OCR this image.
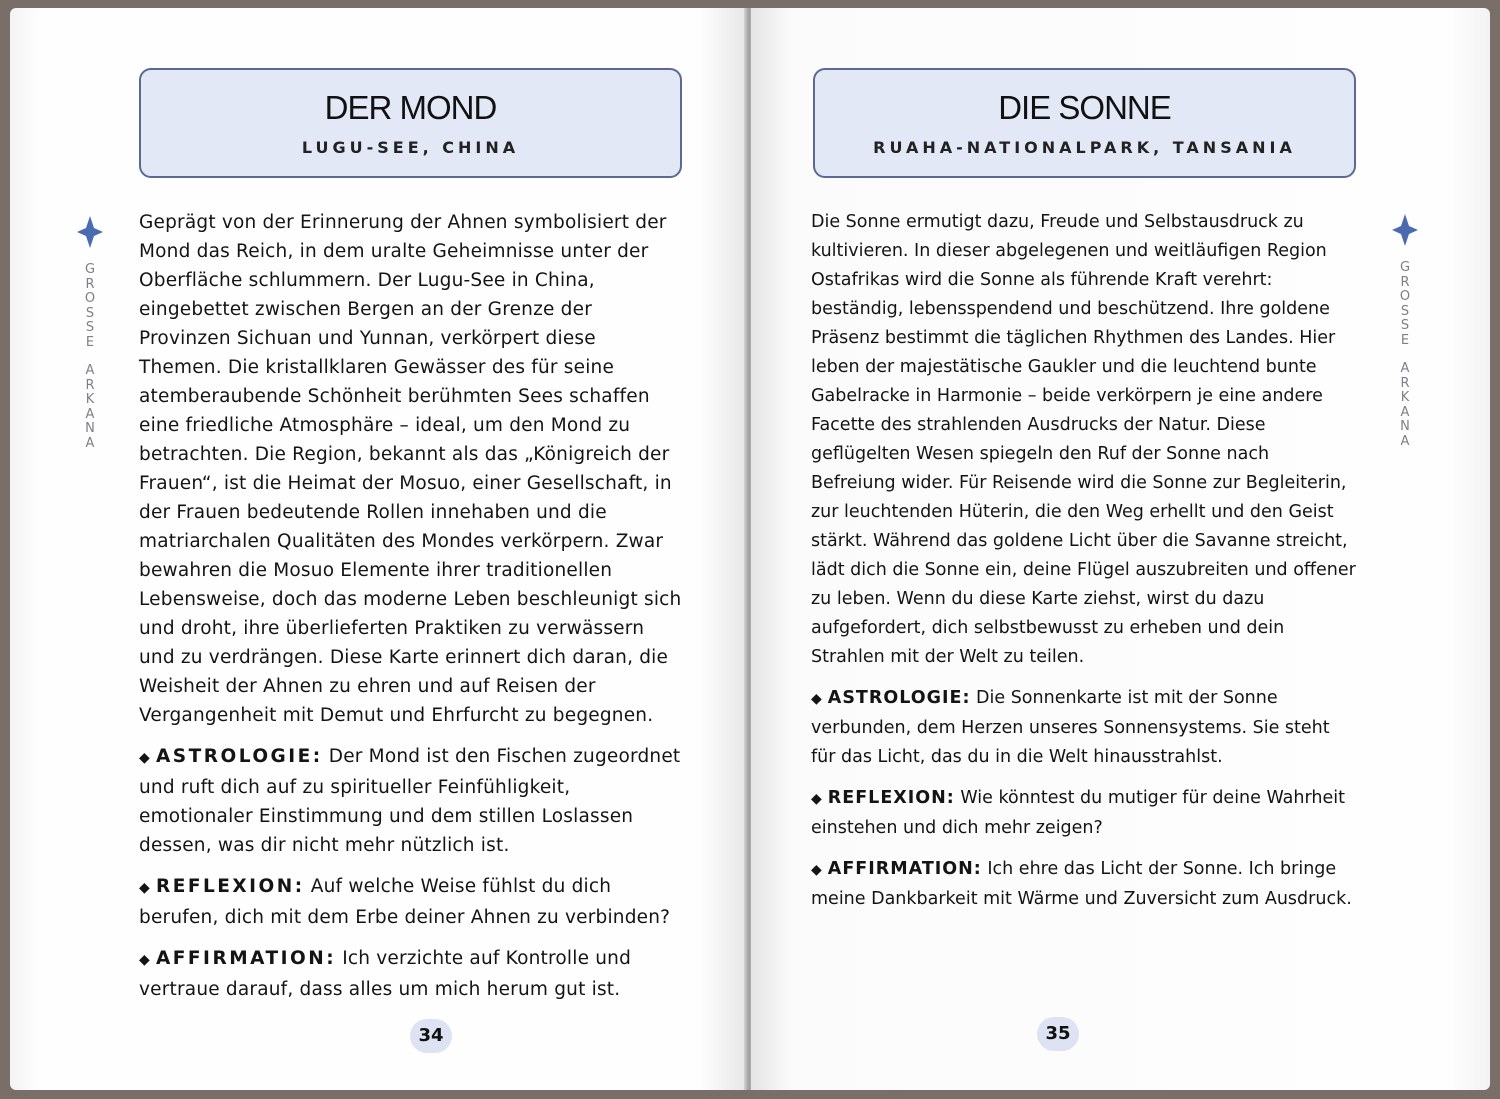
DER MOND
LUGU-SEE, CHINA
G
R
O
S
S
E
A
R
K
A
N
A

Geprägt von der Erinnerung der Ahnen symbolisiert der Mond das Reich, in dem uralte Geheimnisse unter der Oberfläche schlummern. Der Lugu-See in China, eingebettet zwischen Bergen an der Grenze der Provinzen Sichuan und Yunnan, verkörpert diese Themen. Die kristallklaren Gewässer des für seine atemberaubende Schönheit berühmten Sees schaffen eine friedliche Atmosphäre – ideal, um den Mond zu betrachten. Die Region, bekannt als das „Königreich der Frauen“, ist die Heimat der Mosuo, einer Gesellschaft, in der Frauen bedeutende Rollen innehaben und die matriarchalen Qualitäten des Mondes verkörpern. Zwar bewahren die Mosuo Elemente ihrer traditionellen Lebensweise, doch das moderne Leben beschleunigt sich und droht, ihre überlieferten Praktiken zu verwässern und zu verdrängen. Diese Karte erinnert dich daran, die Weisheit der Ahnen zu ehren und auf Reisen der Vergangenheit mit Demut und Ehrfurcht zu begegnen.

◆ ASTROLOGIE: Der Mond ist den Fischen zugeordnet und ruft dich auf zu spiritueller Feinfühligkeit, emotionaler Einstimmung und dem stillen Loslassen dessen, was dir nicht mehr nützlich ist.

◆ REFLEXION: Auf welche Weise fühlst du dich berufen, dich mit dem Erbe deiner Ahnen zu verbinden?

◆ AFFIRMATION: Ich verzichte auf Kontrolle und vertraue darauf, dass alles um mich herum gut ist.

34
DIE SONNE
RUAHA-NATIONALPARK, TANSANIA
G
R
O
S
S
E
A
R
K
A
N
A

Die Sonne ermutigt dazu, Freude und Selbstausdruck zu kultivieren. In dieser abgelegenen und weitläufigen Region Ostafrikas wird die Sonne als führende Kraft verehrt: beständig, lebensspendend und beschützend. Ihre goldene Präsenz bestimmt die täglichen Rhythmen des Landes. Hier leben der majestätische Gaukler und die leuchtend bunte Gabelracke in Harmonie – beide verkörpern je eine andere Facette des strahlenden Ausdrucks der Natur. Diese geflügelten Wesen spiegeln den Ruf der Sonne nach Befreiung wider. Für Reisende wird die Sonne zur Begleiterin, zur leuchtenden Hüterin, die den Weg erhellt und den Geist stärkt. Während das goldene Licht über die Savanne streicht, lädt dich die Sonne ein, deine Flügel auszubreiten und offener zu leben. Wenn du diese Karte ziehst, wirst du dazu aufgefordert, dich selbstbewusst zu erheben und dein Strahlen mit der Welt zu teilen.

◆ ASTROLOGIE: Die Sonnenkarte ist mit der Sonne verbunden, dem Herzen unseres Sonnensystems. Sie steht für das Licht, das du in die Welt hinausstrahlst.

◆ REFLEXION: Wie könntest du mutiger für deine Wahrheit einstehen und dich mehr zeigen?

◆ AFFIRMATION: Ich ehre das Licht der Sonne. Ich bringe meine Dankbarkeit mit Wärme und Zuversicht zum Ausdruck.

35
